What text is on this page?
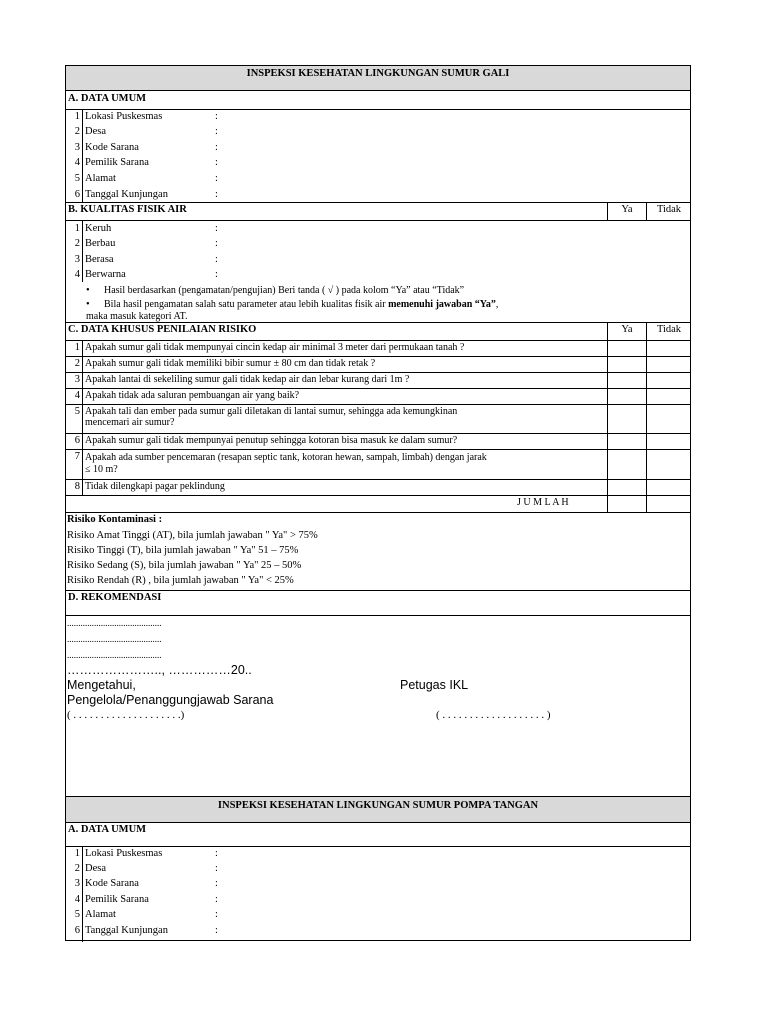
INSPEKSI KESEHATAN LINGKUNGAN SUMUR GALI
A. DATA UMUM
1 Lokasi Puskesmas	:
2 Desa	:
3 Kode Sarana	:
4 Pemilik Sarana	:
5 Alamat	:
6 Tanggal Kunjungan	:
B. KUALITAS FISIK AIR	Ya	Tidak
1 Keruh	:
2 Berbau	:
3 Berasa	:
4 Berwarna	:
• Hasil berdasarkan (pengamatan/pengujian) Beri tanda ( √ ) pada kolom “Ya” atau “Tidak”
• Bila hasil pengamatan salah satu parameter atau lebih kualitas fisik air memenuhi jawaban “Ya”,
maka masuk kategori AT.
C. DATA KHUSUS PENILAIAN RISIKO	Ya	Tidak
1 Apakah sumur gali tidak mempunyai cincin kedap air minimal 3 meter dari permukaan tanah ?
2 Apakah sumur gali tidak memiliki bibir sumur ± 80 cm dan tidak retak ?
3 Apakah lantai di sekeliling sumur gali tidak kedap air dan lebar kurang dari 1m ?
4 Apakah tidak ada saluran pembuangan air yang baik?
5 Apakah tali dan ember pada sumur gali diletakan di lantai sumur, sehingga ada kemungkinan
mencemari air sumur?
6 Apakah sumur gali tidak mempunyai penutup sehingga kotoran bisa masuk ke dalam sumur?
7 Apakah ada sumber pencemaran (resapan septic tank, kotoran hewan, sampah, limbah) dengan jarak
≤ 10 m?
8 Tidak dilengkapi pagar peklindung
J U M L A H
Risiko Kontaminasi :
Risiko Amat Tinggi (AT), bila jumlah jawaban " Ya" > 75%
Risiko Tinggi (T), bila jumlah jawaban " Ya" 51 – 75%
Risiko Sedang (S), bila jumlah jawaban " Ya" 25 – 50%
Risiko Rendah (R) , bila jumlah jawaban " Ya" < 25%
D. REKOMENDASI
..........................................
..........................................
..........................................
………………….., ……………20..
Mengetahui,	Petugas IKL
Pengelola/Penanggungjawab Sarana
( . . . . . . . . . . . . . . . . . . . .)	( . . . . . . . . . . . . . . . . . . . )
INSPEKSI KESEHATAN LINGKUNGAN SUMUR POMPA TANGAN
A. DATA UMUM
1 Lokasi Puskesmas	:
2 Desa	:
3 Kode Sarana	:
4 Pemilik Sarana	:
5 Alamat	:
6 Tanggal Kunjungan	:
